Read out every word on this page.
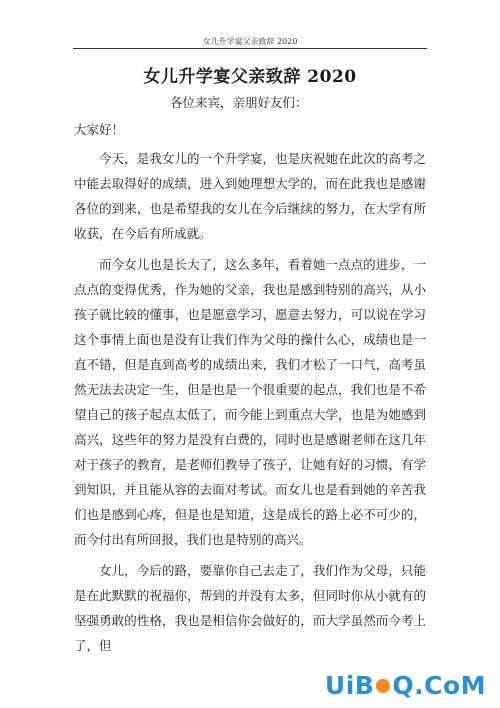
女儿升学宴父亲致辞 2020
女儿升学宴父亲致辞 2020
各位来宾，亲朋好友们：

大家好！

今天，是我女儿的一个升学宴，也是庆祝她在此次的高考之中能去取得好的成绩，进入到她理想大学的，而在此我也是感谢各位的到来，也是希望我的女儿在今后继续的努力，在大学有所收获，在今后有所成就。

而今女儿也是长大了，这么多年，看着她一点点的进步，一点点的变得优秀，作为她的父亲，我也是感到特别的高兴，从小孩子就比较的懂事，也是愿意学习，愿意去努力，可以说在学习这个事情上面也是没有让我们作为父母的操什么心，成绩也是一直不错，但是直到高考的成绩出来，我们才松了一口气，高考虽然无法去决定一生，但是也是一个很重要的起点，我们也是不希望自己的孩子起点太低了，而今能上到重点大学，也是为她感到高兴，这些年的努力是没有白费的，同时也是感谢老师在这几年对于孩子的教育，是老师们教导了孩子，让她有好的习惯，有学到知识，并且能从容的去面对考试。而女儿也是看到她的辛苦我们也是感到心疼，但是也是知道，这是成长的路上必不可少的，而今付出有所回报，我们也是特别的高兴。

女儿，今后的路，要靠你自己去走了，我们作为父母，只能是在此默默的祝福你，帮到的并没有太多，但同时你从小就有的坚强勇敢的性格，我也是相信你会做好的，而大学虽然而今考上了，但

UiB Q.CoM
